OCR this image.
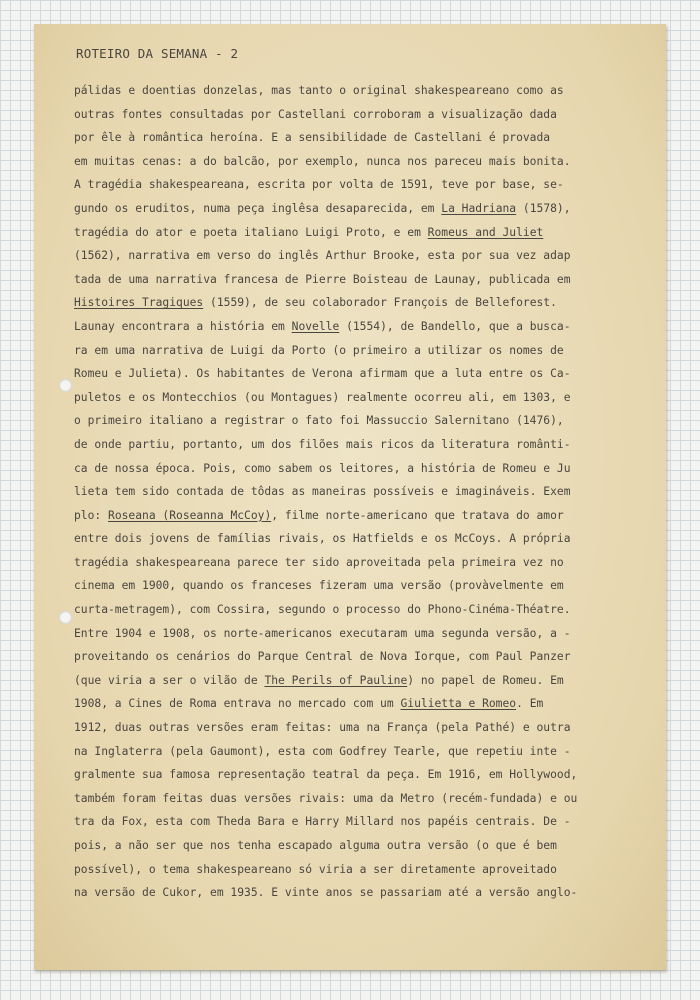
ROTEIRO DA SEMANA - 2
pálidas e doentias donzelas, mas tanto o original shakespeareano como as
outras fontes consultadas por Castellani corroboram a visualização dada
por êle à romântica heroína. E a sensibilidade de Castellani é provada
em muitas cenas: a do balcão, por exemplo, nunca nos pareceu mais bonita.
A tragédia shakespeareana, escrita por volta de 1591, teve por base, se-
gundo os eruditos, numa peça inglêsa desaparecida, em La Hadriana (1578),
tragédia do ator e poeta italiano Luigi Proto, e em Romeus and Juliet
(1562), narrativa em verso do inglês Arthur Brooke, esta por sua vez adap
tada de uma narrativa francesa de Pierre Boisteau de Launay, publicada em
Histoires Tragiques (1559), de seu colaborador François de Belleforest.
Launay encontrara a história em Novelle (1554), de Bandello, que a busca-
ra em uma narrativa de Luigi da Porto (o primeiro a utilizar os nomes de
Romeu e Julieta). Os habitantes de Verona afirmam que a luta entre os Ca-
puletos e os Montecchios (ou Montagues) realmente ocorreu ali, em 1303, e
o primeiro italiano a registrar o fato foi Massuccio Salernitano (1476),
de onde partiu, portanto, um dos filões mais ricos da literatura românti-
ca de nossa época. Pois, como sabem os leitores, a história de Romeu e Ju
lieta tem sido contada de tôdas as maneiras possíveis e imagináveis. Exem
plo: Roseana (Roseanna McCoy), filme norte-americano que tratava do amor
entre dois jovens de famílias rivais, os Hatfields e os McCoys. A própria
tragédia shakespeareana parece ter sido aproveitada pela primeira vez no
cinema em 1900, quando os franceses fizeram uma versão (provàvelmente em
curta-metragem), com Cossira, segundo o processo do Phono-Cinéma-Théatre.
Entre 1904 e 1908, os norte-americanos executaram uma segunda versão, a -
proveitando os cenários do Parque Central de Nova Iorque, com Paul Panzer
(que viria a ser o vilão de The Perils of Pauline) no papel de Romeu. Em
1908, a Cines de Roma entrava no mercado com um Giulietta e Romeo. Em
1912, duas outras versões eram feitas: uma na França (pela Pathé) e outra
na Inglaterra (pela Gaumont), esta com Godfrey Tearle, que repetiu inte -
gralmente sua famosa representação teatral da peça. Em 1916, em Hollywood,
também foram feitas duas versões rivais: uma da Metro (recém-fundada) e ou
tra da Fox, esta com Theda Bara e Harry Millard nos papéis centrais. De -
pois, a não ser que nos tenha escapado alguma outra versão (o que é bem
possível), o tema shakespeareano só viria a ser diretamente aproveitado
na versão de Cukor, em 1935. E vinte anos se passariam até a versão anglo-
